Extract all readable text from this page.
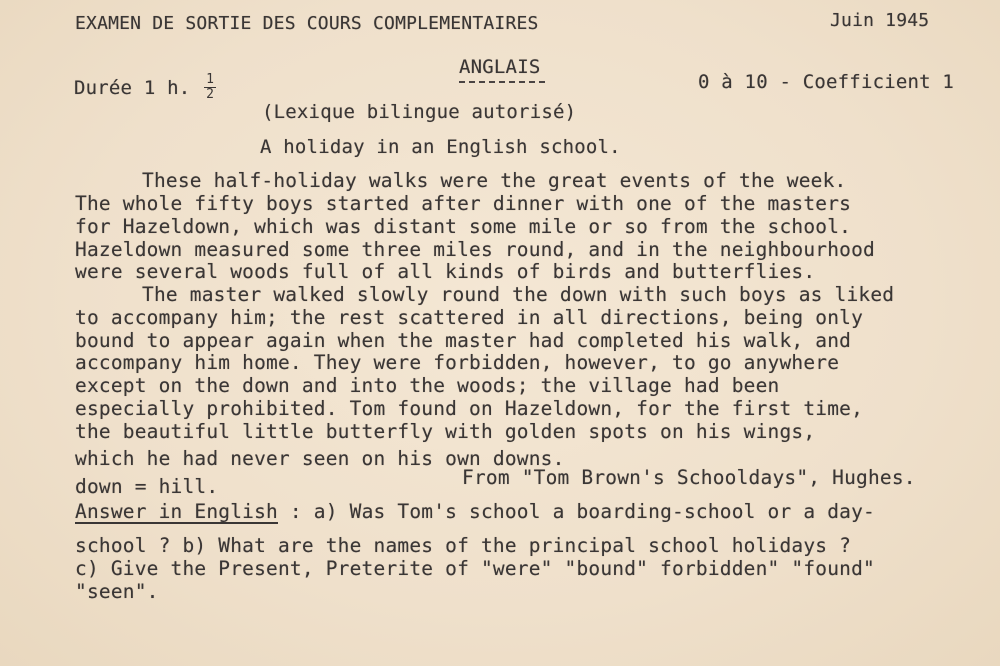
EXAMEN DE SORTIE DES COURS COMPLEMENTAIRES	Juin 1945
ANGLAIS
Durée 1 h. 1
2
0 à 10 - Coefficient 1
(Lexique bilingue autorisé)
A holiday in an English school.
These half-holiday walks were the great events of the week.
The whole fifty boys started after dinner with one of the masters
for Hazeldown, which was distant some mile or so from the school.
Hazeldown measured some three miles round, and in the neighbourhood
were several woods full of all kinds of birds and butterflies.
The master walked slowly round the down with such boys as liked
to accompany him; the rest scattered in all directions, being only
bound to appear again when the master had completed his walk, and
accompany him home. They were forbidden, however, to go anywhere
except on the down and into the woods; the village had been
especially prohibited. Tom found on Hazeldown, for the first time,
the beautiful little butterfly with golden spots on his wings,
which he had never seen on his own downs.
down = hill.	From "Tom Brown's Schooldays", Hughes.
Answer in English : a) Was Tom's school a boarding-school or a day-
school ? b) What are the names of the principal school holidays ?
c) Give the Present, Preterite of "were" "bound" forbidden" "found"
"seen".
